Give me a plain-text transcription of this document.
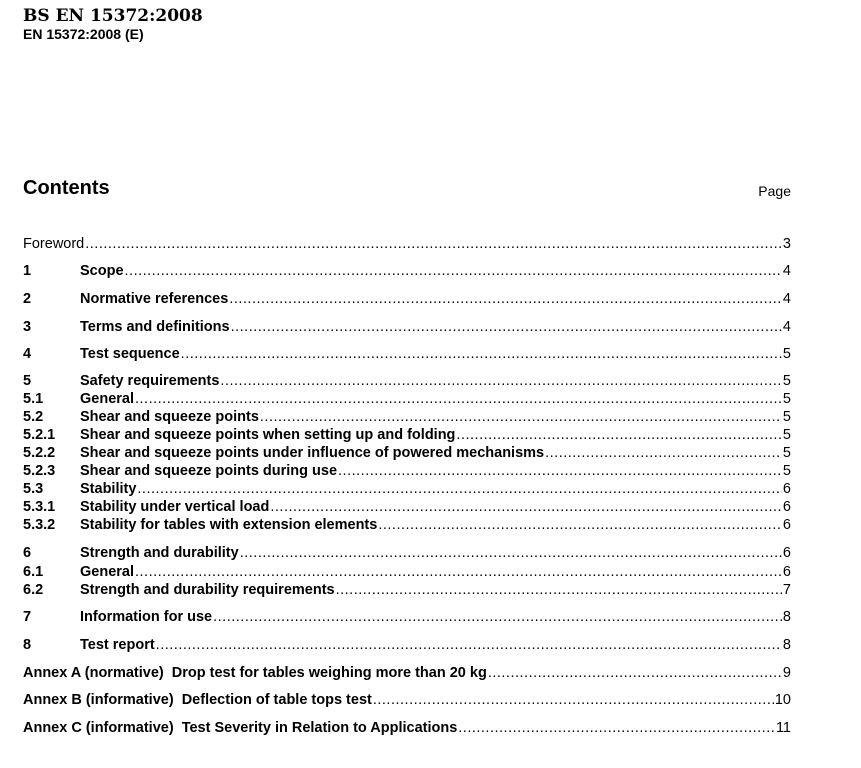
BS EN 15372:2008
EN 15372:2008 (E)
Contents	Page
Foreword .....	3
1	Scope .....	4
2	Normative references .....	4
3	Terms and definitions .....	4
4	Test sequence .....	5
5	Safety requirements .....	5
5.1	General .....	5
5.2	Shear and squeeze points .....	5
5.2.1	Shear and squeeze points when setting up and folding .....	5
5.2.2	Shear and squeeze points under influence of powered mechanisms .....	5
5.2.3	Shear and squeeze points during use .....	5
5.3	Stability .....	6
5.3.1	Stability under vertical load .....	6
5.3.2	Stability for tables with extension elements .....	6
6	Strength and durability .....	6
6.1	General .....	6
6.2	Strength and durability requirements .....	7
7	Information for use .....	8
8	Test report .....	8
Annex A (normative)  Drop test for tables weighing more than 20 kg .....	9
Annex B (informative)  Deflection of table tops test .....	10
Annex C (informative)  Test Severity in Relation to Applications .....	11
